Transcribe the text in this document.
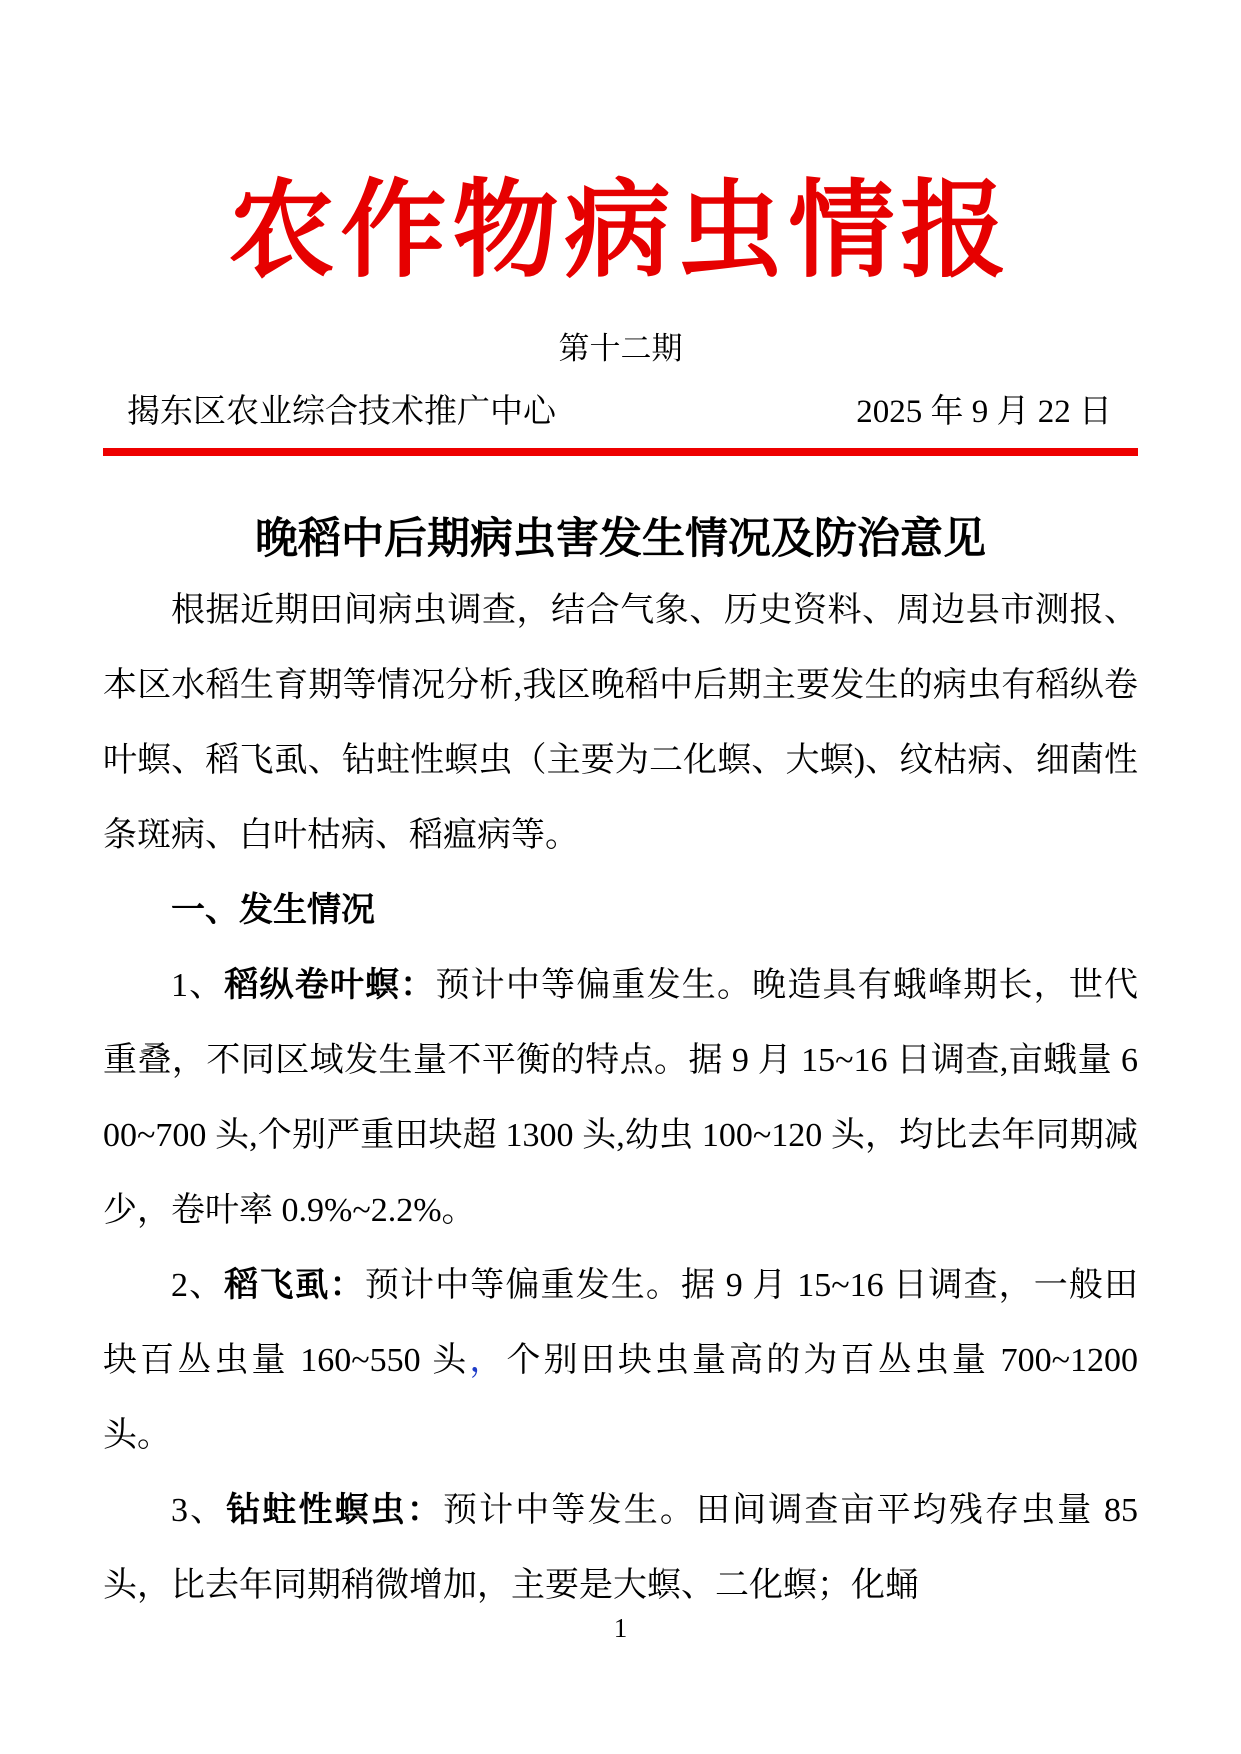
农作物病虫情报
第十二期
揭东区农业综合技术推广中心	2025 年 9 月 22 日
晚稻中后期病虫害发生情况及防治意见

根据近期田间病虫调查，结合气象、历史资料、周边县市测报、本区水稻生育期等情况分析,我区晚稻中后期主要发生的病虫有稻纵卷叶螟、稻飞虱、钻蛀性螟虫（主要为二化螟、大螟)、纹枯病、细菌性条斑病、白叶枯病、稻瘟病等。

一、发生情况

1、稻纵卷叶螟：预计中等偏重发生。晚造具有蛾峰期长，世代重叠，不同区域发生量不平衡的特点。据 9 月 15~16 日调查,亩蛾量 600~700 头,个别严重田块超 1300 头,幼虫 100~120 头，均比去年同期减少，卷叶率 0.9%~2.2%。

2、稻飞虱：预计中等偏重发生。据 9 月 15~16 日调查，一般田块百丛虫量 160~550 头，个别田块虫量高的为百丛虫量 700~1200 头。

3、钻蛀性螟虫：预计中等发生。田间调查亩平均残存虫量 85 头，比去年同期稍微增加，主要是大螟、二化螟；化蛹

1
